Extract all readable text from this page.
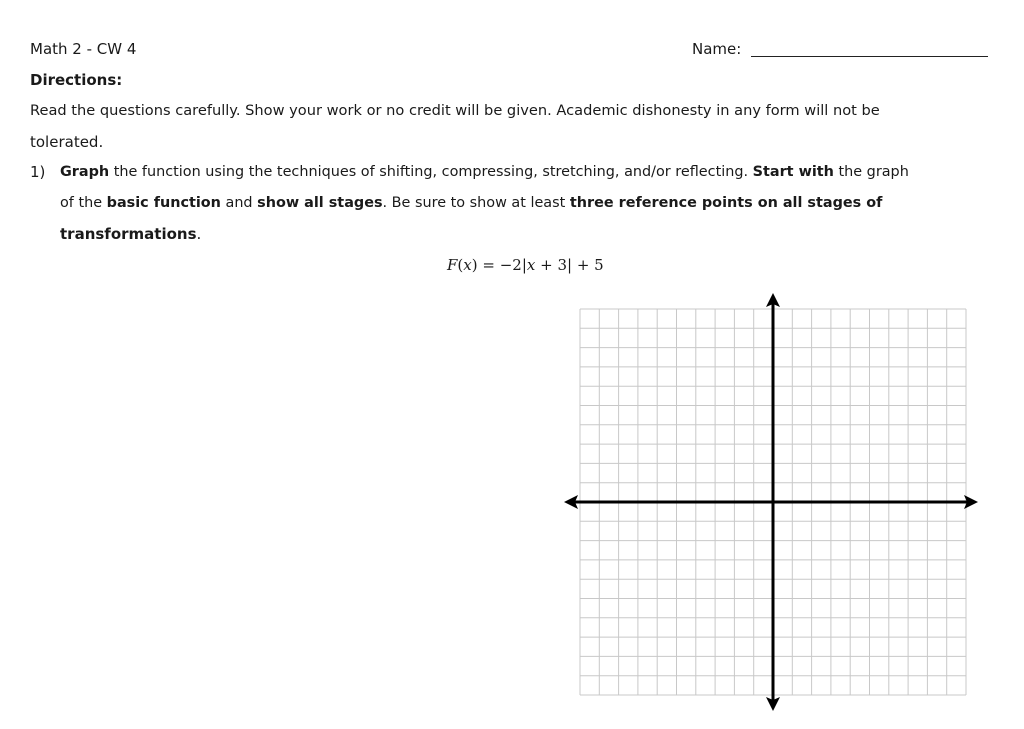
Math 2 - CW 4	Name:
Directions:
Read the questions carefully. Show your work or no credit will be given. Academic dishonesty in any form will not be
tolerated.
1) Graph the function using the techniques of shifting, compressing, stretching, and/or reflecting. Start with the graph
of the basic function and show all stages. Be sure to show at least three reference points on all stages of
transformations.
F(x) = −2|x + 3| + 5
